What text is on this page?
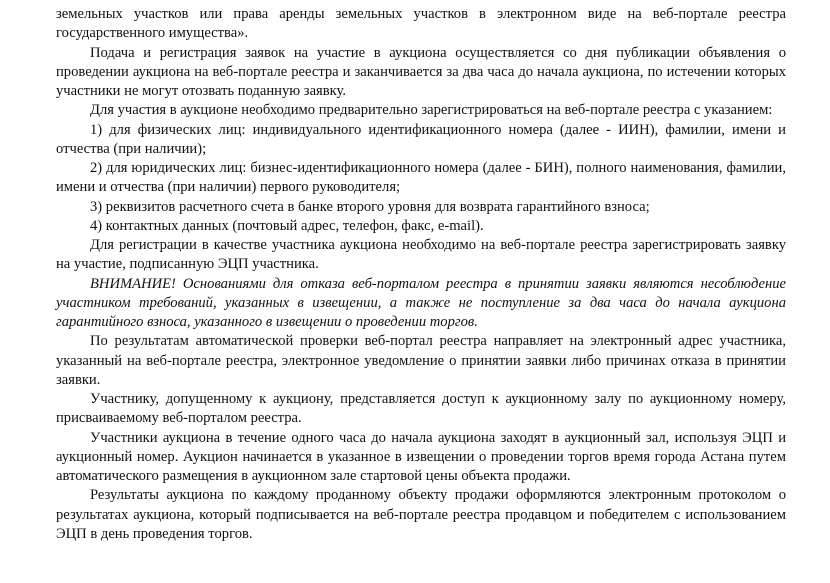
земельных участков или права аренды земельных участков в электронном виде на веб-портале реестра государственного имущества».

Подача и регистрация заявок на участие в аукциона осуществляется со дня публикации объявления о проведении аукциона на веб-портале реестра и заканчивается за два часа до начала аукциона, по истечении которых участники не могут отозвать поданную заявку.

Для участия в аукционе необходимо предварительно зарегистрироваться на веб-портале реестра с указанием:

1) для физических лиц: индивидуального идентификационного номера (далее - ИИН), фамилии, имени и отчества (при наличии);

2) для юридических лиц: бизнес-идентификационного номера (далее - БИН), полного наименования, фамилии, имени и отчества (при наличии) первого руководителя;

3) реквизитов расчетного счета в банке второго уровня для возврата гарантийного взноса;

4) контактных данных (почтовый адрес, телефон, факс, e-mail).

Для регистрации в качестве участника аукциона необходимо на веб-портале реестра зарегистрировать заявку на участие, подписанную ЭЦП участника.

ВНИМАНИЕ! Основаниями для отказа веб-порталом реестра в принятии заявки являются несоблюдение участником требований, указанных в извещении, а также не поступление за два часа до начала аукциона гарантийного взноса, указанного в извещении о проведении торгов.

По результатам автоматической проверки веб-портал реестра направляет на электронный адрес участника, указанный на веб-портале реестра, электронное уведомление о принятии заявки либо причинах отказа в принятии заявки.

Участнику, допущенному к аукциону, представляется доступ к аукционному залу по аукционному номеру, присваиваемому веб-порталом реестра.

Участники аукциона в течение одного часа до начала аукциона заходят в аукционный зал, используя ЭЦП и аукционный номер. Аукцион начинается в указанное в извещении о проведении торгов время города Астана путем автоматического размещения в аукционном зале стартовой цены объекта продажи.

Результаты аукциона по каждому проданному объекту продажи оформляются электронным протоколом о результатах аукциона, который подписывается на веб-портале реестра продавцом и победителем с использованием ЭЦП в день проведения торгов.
